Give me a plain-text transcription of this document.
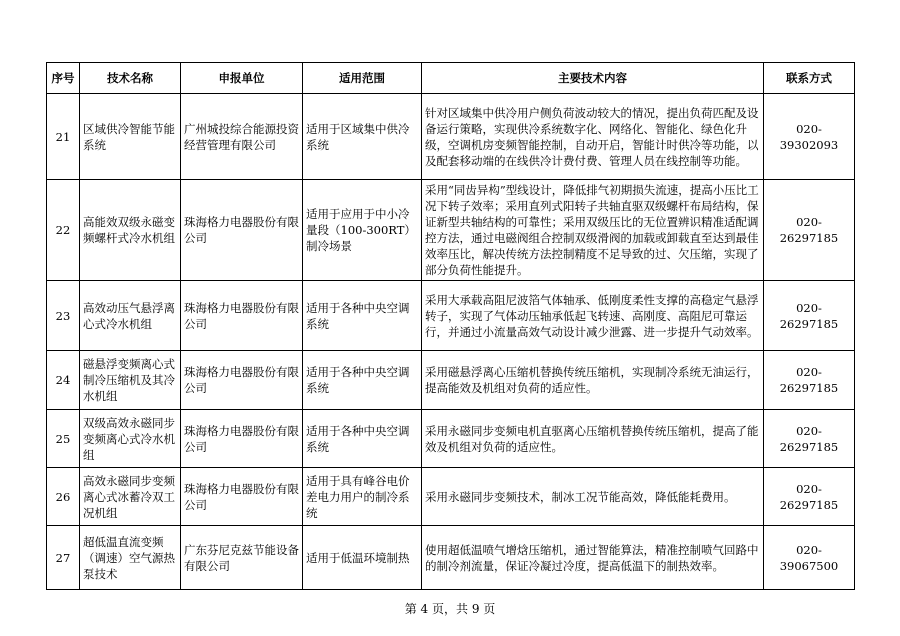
序号	技术名称	申报单位	适用范围	主要技术内容	联系方式
21	区域供冷智能节能系统	广州城投综合能源投资经营管理有限公司	适用于区域集中供冷系统	针对区域集中供冷用户侧负荷波动较大的情况，提出负荷匹配及设备运行策略，实现供冷系统数字化、网络化、智能化、绿色化升级，空调机房变频智能控制，自动开启，智能计时供冷等功能，以及配套移动端的在线供冷计费付费、管理人员在线控制等功能。	020-39302093
22	高能效双级永磁变频螺杆式冷水机组	珠海格力电器股份有限公司	适用于应用于中小冷量段（100-300RT）制冷场景	采用“同齿异构”型线设计，降低排气初期损失流速，提高小压比工况下转子效率；采用直列式阳转子共轴直驱双级螺杆布局结构，保证新型共轴结构的可靠性；采用双级压比的无位置辨识精准适配调控方法，通过电磁阀组合控制双级滑阀的加载或卸载直至达到最佳效率压比，解决传统方法控制精度不足导致的过、欠压缩，实现了部分负荷性能提升。	020-26297185
23	高效动压气悬浮离心式冷水机组	珠海格力电器股份有限公司	适用于各种中央空调系统	采用大承载高阻尼波箔气体轴承、低刚度柔性支撑的高稳定气悬浮转子，实现了气体动压轴承低起飞转速、高刚度、高阻尼可靠运行，并通过小流量高效气动设计减少泄露、进一步提升气动效率。	020-26297185
24	磁悬浮变频离心式制冷压缩机及其冷水机组	珠海格力电器股份有限公司	适用于各种中央空调系统	采用磁悬浮离心压缩机替换传统压缩机，实现制冷系统无油运行，提高能效及机组对负荷的适应性。	020-26297185
25	双级高效永磁同步变频离心式冷水机组	珠海格力电器股份有限公司	适用于各种中央空调系统	采用永磁同步变频电机直驱离心压缩机替换传统压缩机，提高了能效及机组对负荷的适应性。	020-26297185
26	高效永磁同步变频离心式冰蓄冷双工况机组	珠海格力电器股份有限公司	适用于具有峰谷电价差电力用户的制冷系统	采用永磁同步变频技术，制冰工况节能高效，降低能耗费用。	020-26297185
27	超低温直流变频（调速）空气源热泵技术	广东芬尼克兹节能设备有限公司	适用于低温环境制热	使用超低温喷气增焓压缩机，通过智能算法，精准控制喷气回路中的制冷剂流量，保证冷凝过冷度，提高低温下的制热效率。	020-39067500
第 4 页，共 9 页
